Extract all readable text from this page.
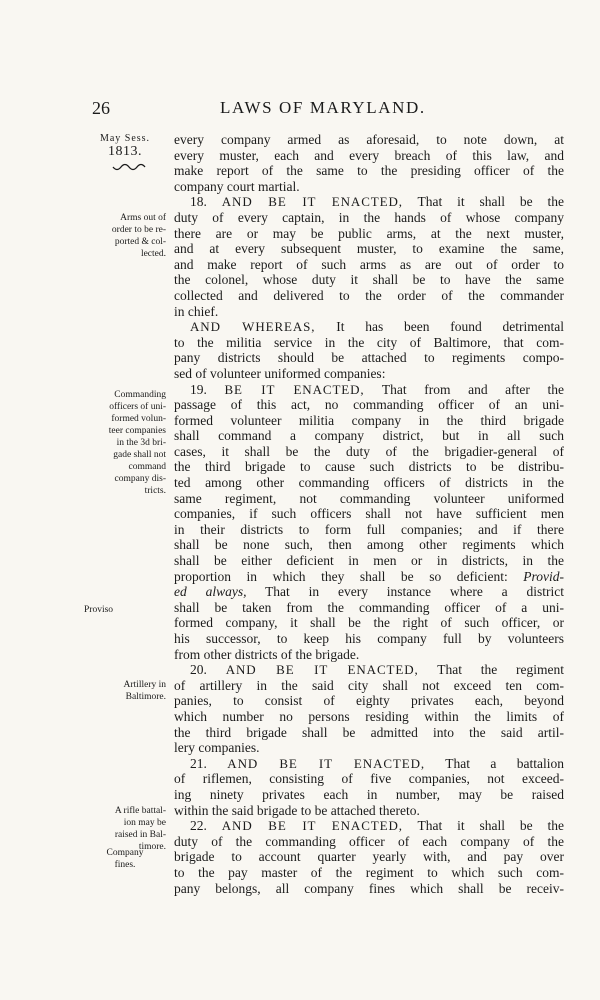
26	LAWS OF MARYLAND.
May Sess.
1813.
Arms out of
order to be re-
ported & col-
lected.
Commanding
officers of uni-
formed volun-
teer companies
in the 3d bri-
gade shall not
command
company dis-
tricts.
Proviso
Artillery in
Baltimore.
A rifle battal-
ion may be
raised in Bal-
timore.
Company
fines.
every company armed as aforesaid, to note down, at
every muster, each and every breach of this law, and
make report of the same to the presiding officer of the
company court martial.
18. AND BE IT ENACTED, That it shall be the
duty of every captain, in the hands of whose company
there are or may be public arms, at the next muster,
and at every subsequent muster, to examine the same,
and make report of such arms as are out of order to
the colonel, whose duty it shall be to have the same
collected and delivered to the order of the commander
in chief.
AND WHEREAS, It has been found detrimental
to the militia service in the city of Baltimore, that com-
pany districts should be attached to regiments compo-
sed of volunteer uniformed companies:
19. BE IT ENACTED, That from and after the
passage of this act, no commanding officer of an uni-
formed volunteer militia company in the third brigade
shall command a company district, but in all such
cases, it shall be the duty of the brigadier-general of
the third brigade to cause such districts to be distribu-
ted among other commanding officers of districts in the
same regiment, not commanding volunteer uniformed
companies, if such officers shall not have sufficient men
in their districts to form full companies; and if there
shall be none such, then among other regiments which
shall be either deficient in men or in districts, in the
proportion in which they shall be so deficient: Provid-
ed always, That in every instance where a district
shall be taken from the commanding officer of a uni-
formed company, it shall be the right of such officer, or
his successor, to keep his company full by volunteers
from other districts of the brigade.
20. AND BE IT ENACTED, That the regiment
of artillery in the said city shall not exceed ten com-
panies, to consist of eighty privates each, beyond
which number no persons residing within the limits of
the third brigade shall be admitted into the said artil-
lery companies.
21. AND BE IT ENACTED, That a battalion
of riflemen, consisting of five companies, not exceed-
ing ninety privates each in number, may be raised
within the said brigade to be attached thereto.
22. AND BE IT ENACTED, That it shall be the
duty of the commanding officer of each company of the
brigade to account quarter yearly with, and pay over
to the pay master of the regiment to which such com-
pany belongs, all company fines which shall be receiv-
